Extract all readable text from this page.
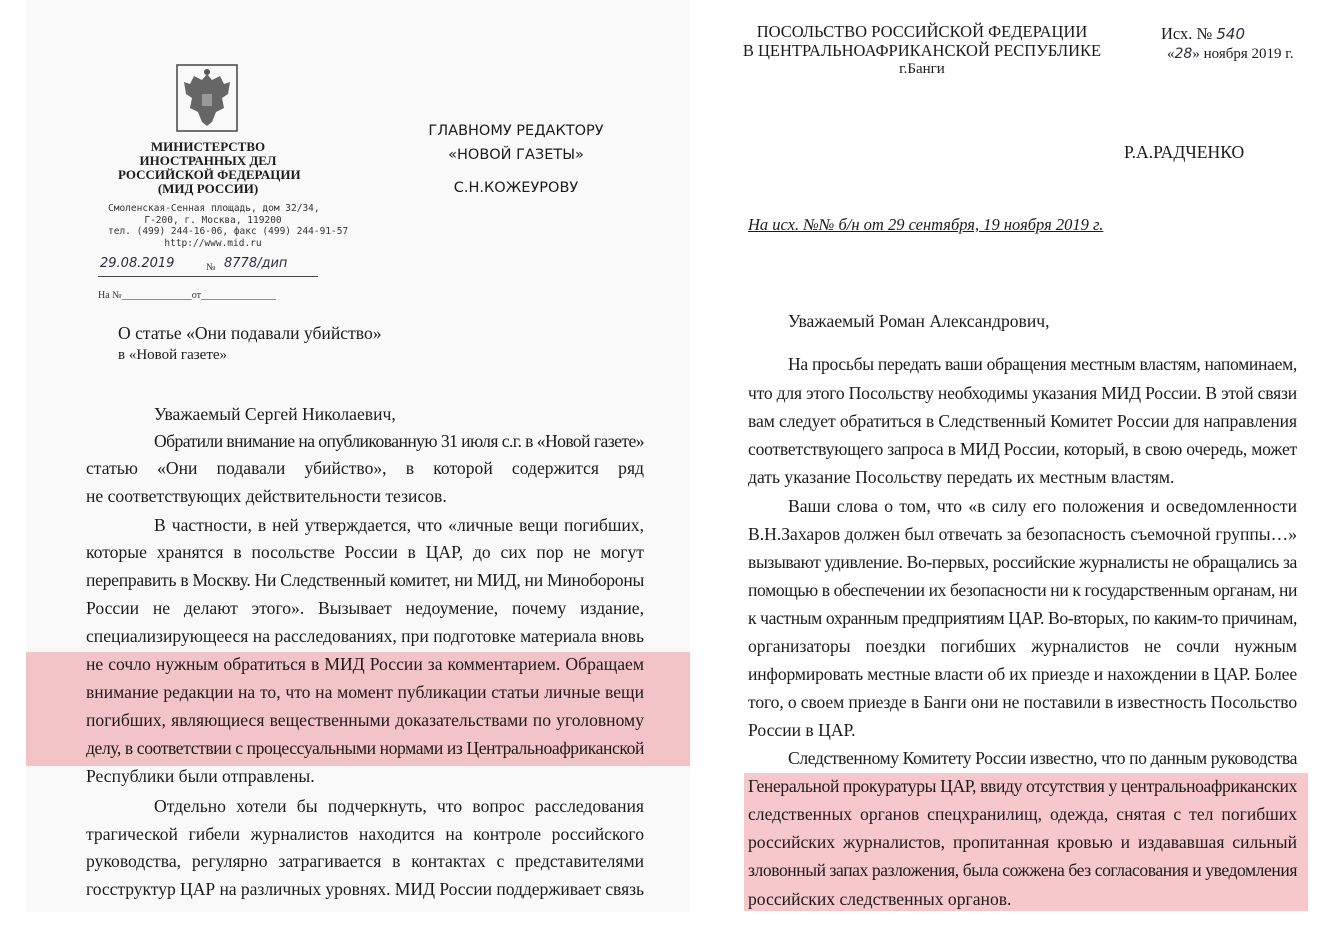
МИНИСТЕРСТВО
ИНОСТРАННЫХ ДЕЛ
РОССИЙСКОЙ ФЕДЕРАЦИИ
(МИД РОССИИ)
Смоленская-Сенная площадь, дом 32/34,
Г-200, г. Москва, 119200
тел. (499) 244-16-06, факс (499) 244-91-57
http://www.mid.ru
29.08.2019	№ 8778/дип
На №______________от_______________
ГЛАВНОМУ РЕДАКТОРУ
«НОВОЙ ГАЗЕТЫ»
С.Н.КОЖЕУРОВУ
О статье «Они подавали убийство»
в «Новой газете»
Уважаемый Сергей Николаевич,
Обратили внимание на опубликованную 31 июля с.г. в «Новой газете»
статью «Они подавали убийство», в которой содержится ряд
не соответствующих действительности тезисов.
В частности, в ней утверждается, что «личные вещи погибших,
которые хранятся в посольстве России в ЦАР, до сих пор не могут
переправить в Москву. Ни Следственный комитет, ни МИД, ни Минобороны
России не делают этого». Вызывает недоумение, почему издание,
специализирующееся на расследованиях, при подготовке материала вновь
не сочло нужным обратиться в МИД России за комментарием. Обращаем
внимание редакции на то, что на момент публикации статьи личные вещи
погибших, являющиеся вещественными доказательствами по уголовному
делу, в соответствии с процессуальными нормами из Центральноафриканской
Республики были отправлены.
Отдельно хотели бы подчеркнуть, что вопрос расследования
трагической гибели журналистов находится на контроле российского
руководства, регулярно затрагивается в контактах с представителями
госструктур ЦАР на различных уровнях. МИД России поддерживает связь
ПОСОЛЬСТВО РОССИЙСКОЙ ФЕДЕРАЦИИ
В ЦЕНТРАЛЬНОАФРИКАНСКОЙ РЕСПУБЛИКЕ
г.Банги
Исх. № 540
«28» ноября 2019 г.
Р.А.РАДЧЕНКО
На исх. №№ б/н от 29 сентября, 19 ноября 2019 г.
Уважаемый Роман Александрович,
На просьбы передать ваши обращения местным властям, напоминаем,
что для этого Посольству необходимы указания МИД России. В этой связи
вам следует обратиться в Следственный Комитет России для направления
соответствующего запроса в МИД России, который, в свою очередь, может
дать указание Посольству передать их местным властям.
Ваши слова о том, что «в силу его положения и осведомленности
В.Н.Захаров должен был отвечать за безопасность съемочной группы…»
вызывают удивление. Во-первых, российские журналисты не обращались за
помощью в обеспечении их безопасности ни к государственным органам, ни
к частным охранным предприятиям ЦАР. Во-вторых, по каким-то причинам,
организаторы поездки погибших журналистов не сочли нужным
информировать местные власти об их приезде и нахождении в ЦАР. Более
того, о своем приезде в Банги они не поставили в известность Посольство
России в ЦАР.
Следственному Комитету России известно, что по данным руководства
Генеральной прокуратуры ЦАР, ввиду отсутствия у центральноафриканских
следственных органов спецхранилищ, одежда, снятая с тел погибших
российских журналистов, пропитанная кровью и издававшая сильный
зловонный запах разложения, была сожжена без согласования и уведомления
российских следственных органов.
